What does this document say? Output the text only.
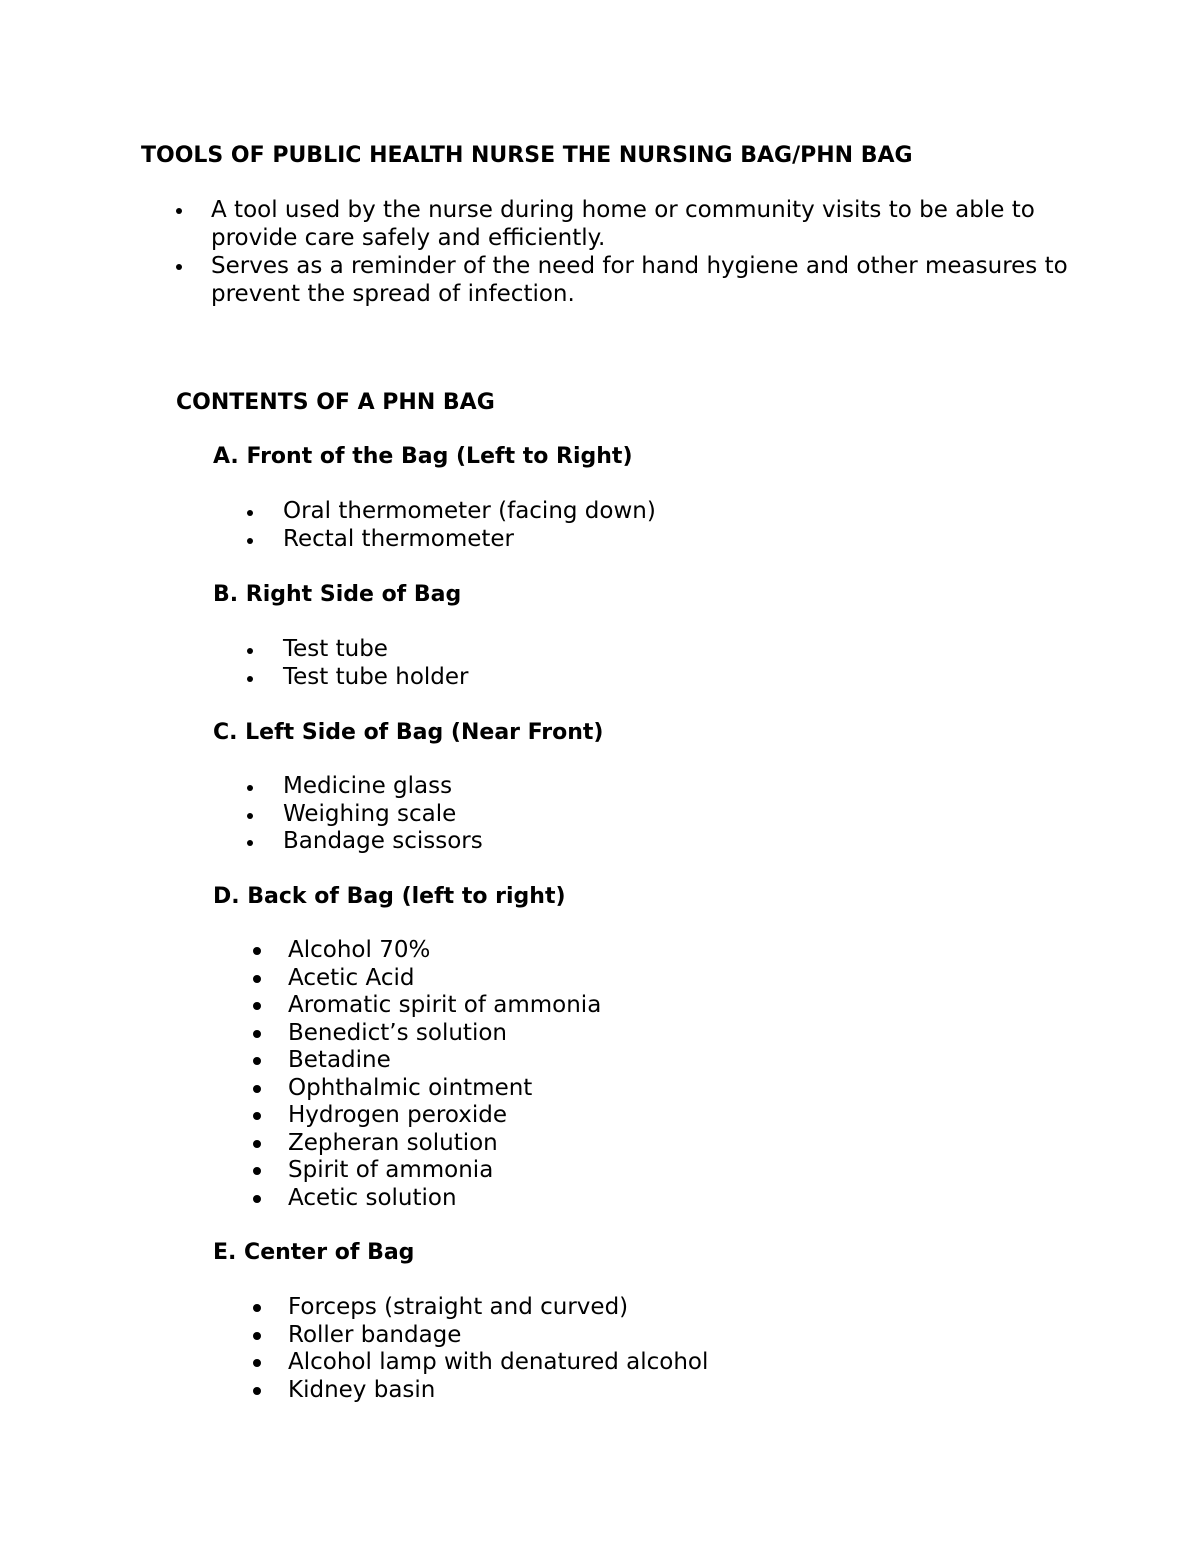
TOOLS OF PUBLIC HEALTH NURSE THE NURSING BAG/PHN BAG
A tool used by the nurse during home or community visits to be able to provide care safely and efficiently.
Serves as a reminder of the need for hand hygiene and other measures to prevent the spread of infection.
CONTENTS OF A PHN BAG
A. Front of the Bag (Left to Right)
Oral thermometer (facing down)
Rectal thermometer
B. Right Side of Bag
Test tube
Test tube holder
C. Left Side of Bag (Near Front)
Medicine glass
Weighing scale
Bandage scissors
D. Back of Bag (left to right)
Alcohol 70%
Acetic Acid
Aromatic spirit of ammonia
Benedict’s solution
Betadine
Ophthalmic ointment
Hydrogen peroxide
Zepheran solution
Spirit of ammonia
Acetic solution
E. Center of Bag
Forceps (straight and curved)
Roller bandage
Alcohol lamp with denatured alcohol
Kidney basin
